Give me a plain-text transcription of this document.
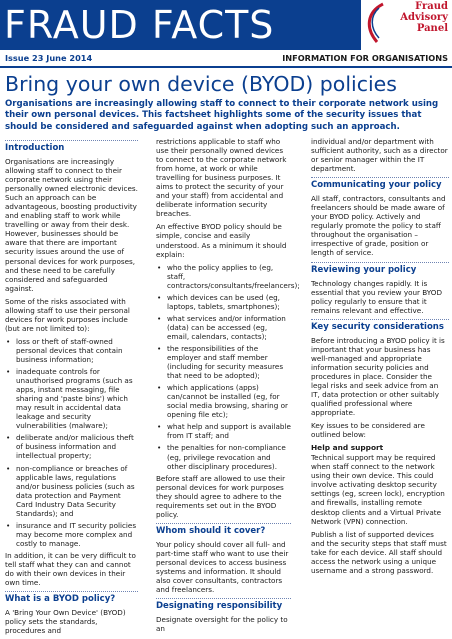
FRAUD FACTS	Fraud
Advisory
Panel
Issue 23 June 2014	INFORMATION FOR ORGANISATIONS
Bring your own device (BYOD) policies
Organisations are increasingly allowing staff to connect to their corporate network using their own personal devices. This factsheet highlights some of the security issues that should be considered and safeguarded against when adopting such an approach.
Introduction

Organisations are increasingly allowing staff to connect to their corporate network using their personally owned electronic devices. Such an approach can be advantageous, boosting productivity and enabling staff to work while travelling or away from their desk. However, businesses should be aware that there are important security issues around the use of personal devices for work purposes, and these need to be carefully considered and safeguarded against.

Some of the risks associated with allowing staff to use their personal devices for work purposes include (but are not limited to):

• loss or theft of staff-owned personal devices that contain business information;
• inadequate controls for unauthorised programs (such as apps, instant messaging, file sharing and 'paste bins') which may result in accidental data leakage and security vulnerabilities (malware);
• deliberate and/or malicious theft of business information and intellectual property;
• non-compliance or breaches of applicable laws, regulations and/or business policies (such as data protection and Payment Card Industry Data Security Standards); and
• insurance and IT security policies may become more complex and costly to manage.

In addition, it can be very difficult to tell staff what they can and cannot do with their own devices in their own time.

What is a BYOD policy?

A 'Bring Your Own Device' (BYOD) policy sets the standards, procedures and

restrictions applicable to staff who use their personally owned devices to connect to the corporate network from home, at work or while travelling for business purposes. It aims to protect the security of your and your staff) from accidental and deliberate information security breaches.

An effective BYOD policy should be simple, concise and easily understood. As a minimum it should explain:

• who the policy applies to (eg, staff, contractors/consultants/freelancers);
• which devices can be used (eg, laptops, tablets, smartphones);
• what services and/or information (data) can be accessed (eg, email, calendars, contacts);
• the responsibilities of the employer and staff member (including for security measures that need to be adopted);
• which applications (apps) can/cannot be installed (eg, for social media browsing, sharing or opening file etc);
• what help and support is available from IT staff; and
• the penalties for non-compliance (eg, privilege revocation and other disciplinary procedures).

Before staff are allowed to use their personal devices for work purposes they should agree to adhere to the requirements set out in the BYOD policy.

Whom should it cover?

Your policy should cover all full- and part-time staff who want to use their personal devices to access business systems and information. It should also cover consultants, contractors and freelancers.

Designating responsibility

Designate oversight for the policy to an

individual and/or department with sufficient authority, such as a director or senior manager within the IT department.

Communicating your policy

All staff, contractors, consultants and freelancers should be made aware of your BYOD policy. Actively and regularly promote the policy to staff throughout the organisation – irrespective of grade, position or length of service.

Reviewing your policy

Technology changes rapidly. It is essential that you review your BYOD policy regularly to ensure that it remains relevant and effective.

Key security considerations

Before introducing a BYOD policy it is important that your business has well-managed and appropriate information security policies and procedures in place. Consider the legal risks and seek advice from an IT, data protection or other suitably qualified professional where appropriate.

Key issues to be considered are outlined below:

Help and support

Technical support may be required when staff connect to the network using their own device. This could involve activating desktop security settings (eg, screen lock), encryption and firewalls, installing remote desktop clients and a Virtual Private Network (VPN) connection.

Publish a list of supported devices and the security steps that staff must take for each device. All staff should access the network using a unique username and a strong password.
